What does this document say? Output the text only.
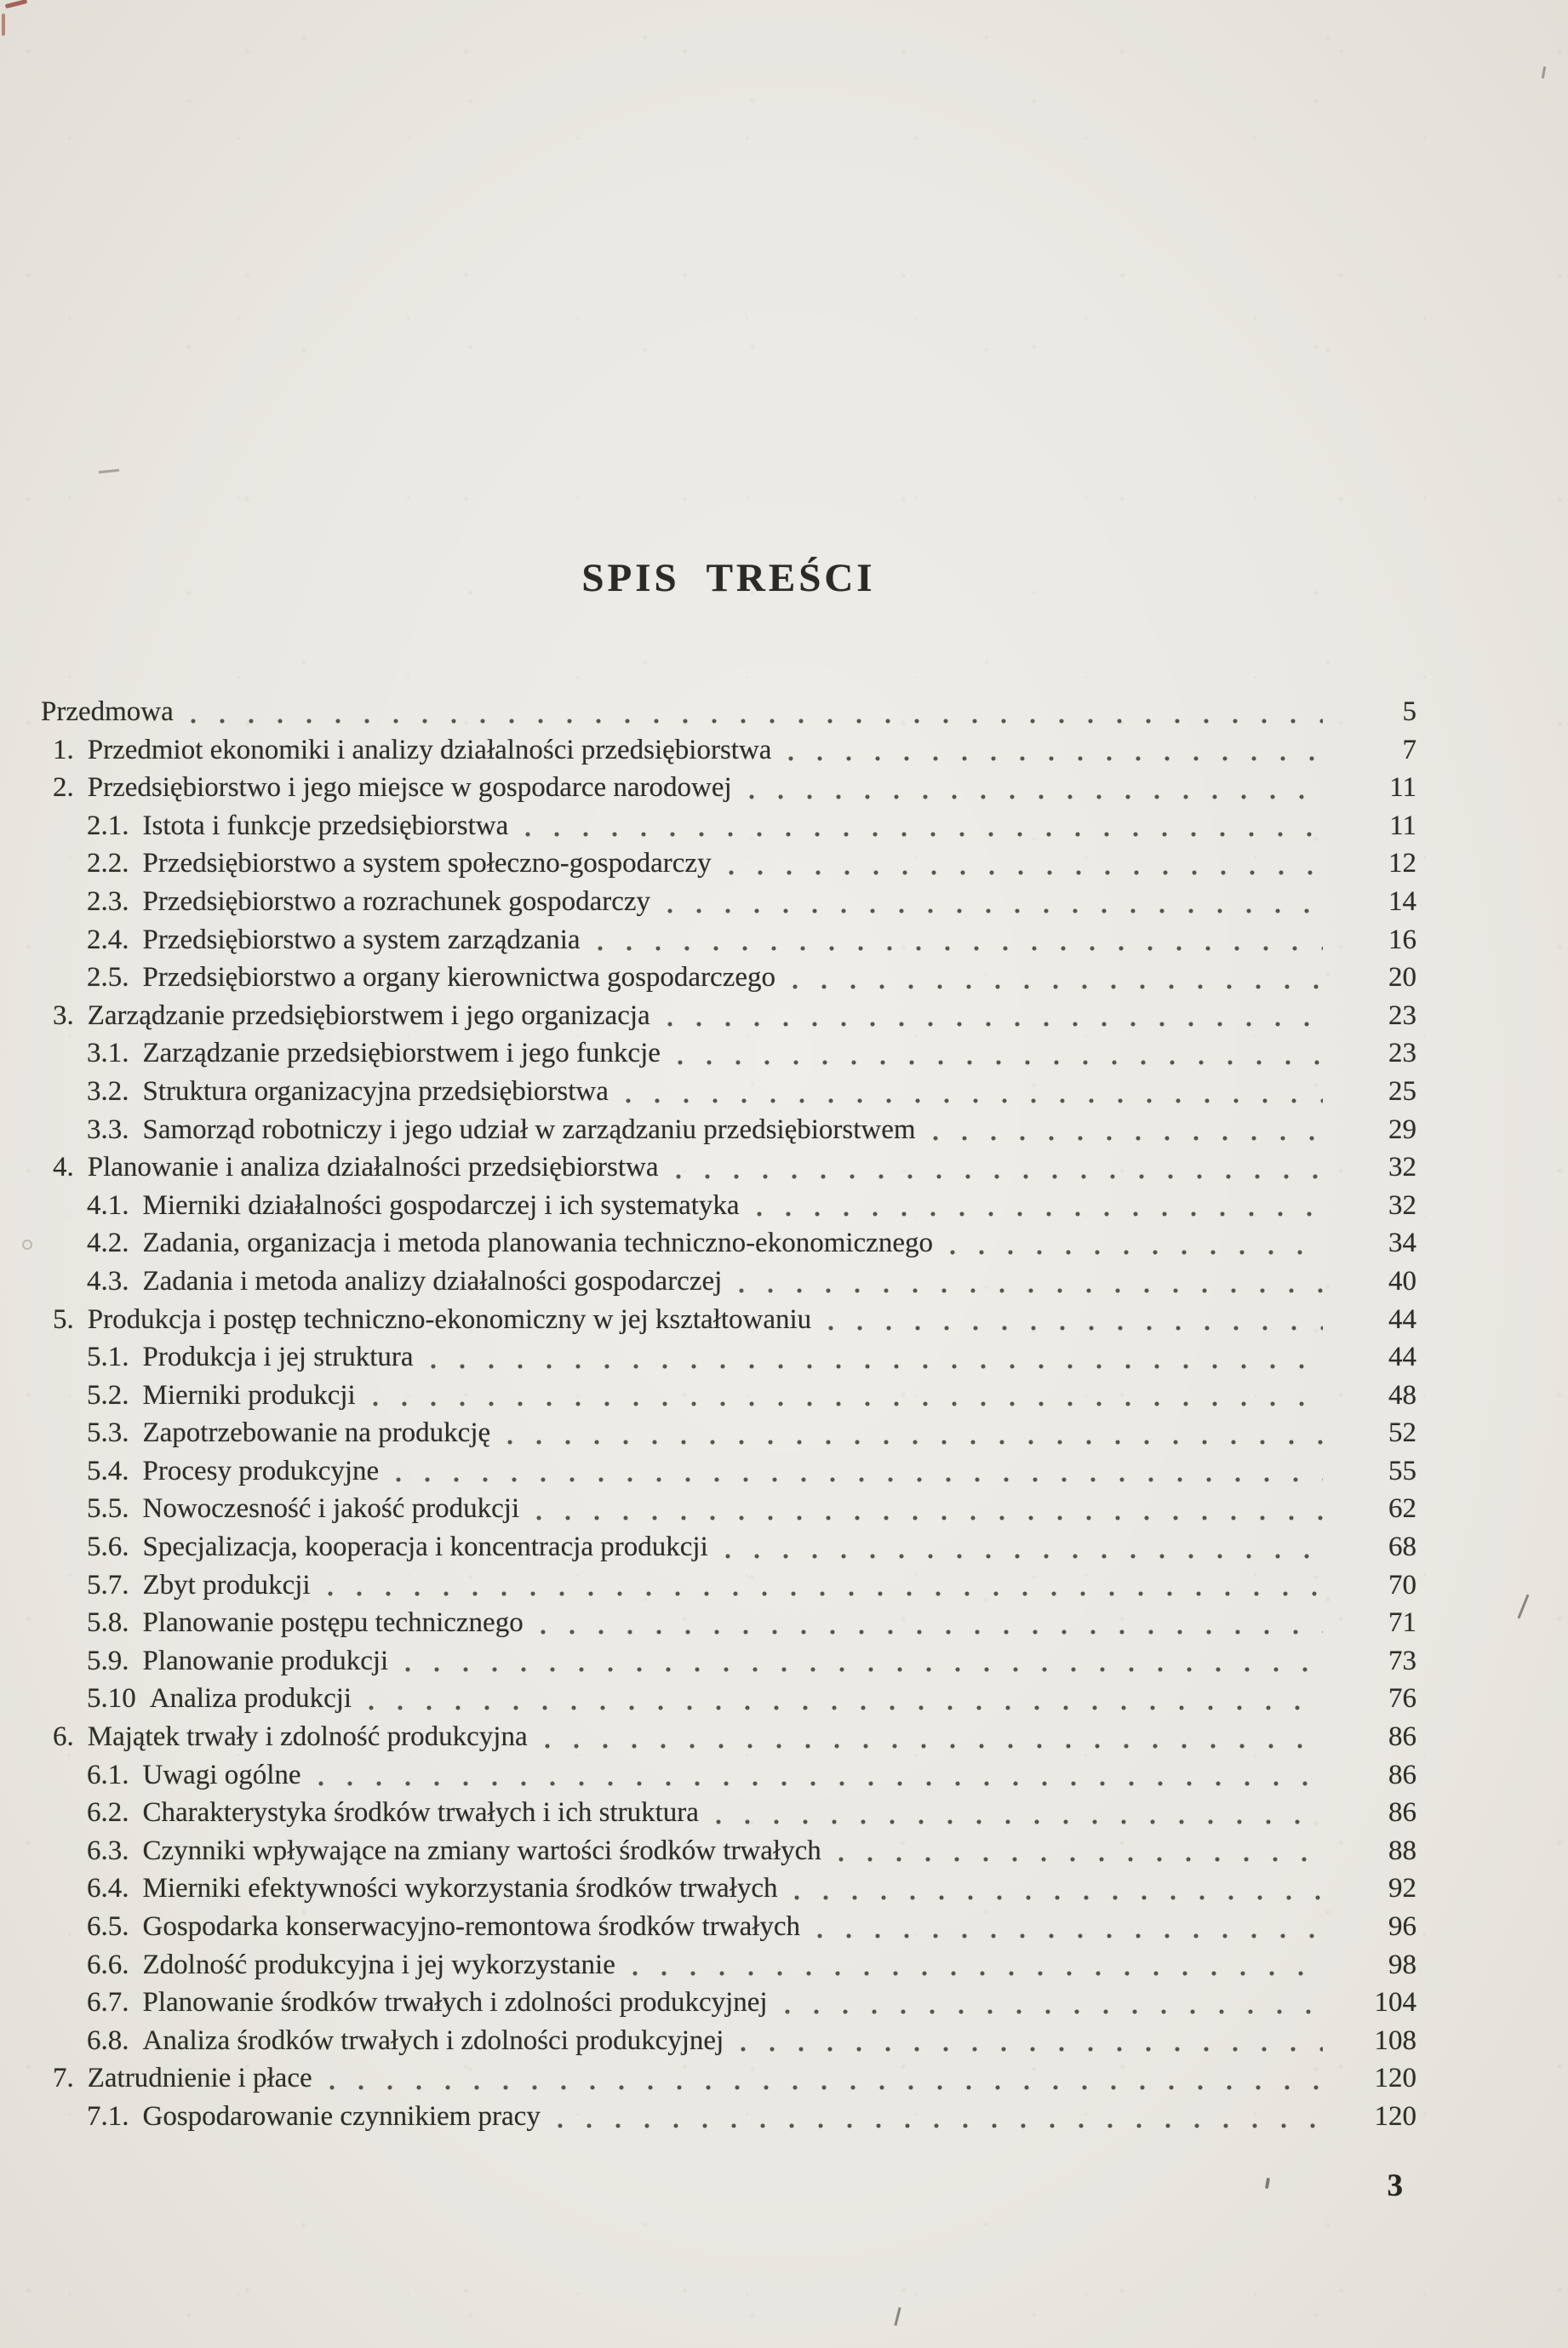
SPIS TREŚCI
Przedmowa	5
1. Przedmiot ekonomiki i analizy działalności przedsiębiorstwa	7
2. Przedsiębiorstwo i jego miejsce w gospodarce narodowej	11
2.1. Istota i funkcje przedsiębiorstwa	11
2.2. Przedsiębiorstwo a system społeczno-gospodarczy	12
2.3. Przedsiębiorstwo a rozrachunek gospodarczy	14
2.4. Przedsiębiorstwo a system zarządzania	16
2.5. Przedsiębiorstwo a organy kierownictwa gospodarczego	20
3. Zarządzanie przedsiębiorstwem i jego organizacja	23
3.1. Zarządzanie przedsiębiorstwem i jego funkcje	23
3.2. Struktura organizacyjna przedsiębiorstwa	25
3.3. Samorząd robotniczy i jego udział w zarządzaniu przedsiębiorstwem	29
4. Planowanie i analiza działalności przedsiębiorstwa	32
4.1. Mierniki działalności gospodarczej i ich systematyka	32
4.2. Zadania, organizacja i metoda planowania techniczno-ekonomicznego	34
4.3. Zadania i metoda analizy działalności gospodarczej	40
5. Produkcja i postęp techniczno-ekonomiczny w jej kształtowaniu	44
5.1. Produkcja i jej struktura	44
5.2. Mierniki produkcji	48
5.3. Zapotrzebowanie na produkcję	52
5.4. Procesy produkcyjne	55
5.5. Nowoczesność i jakość produkcji	62
5.6. Specjalizacja, kooperacja i koncentracja produkcji	68
5.7. Zbyt produkcji	70
5.8. Planowanie postępu technicznego	71
5.9. Planowanie produkcji	73
5.10 Analiza produkcji	76
6. Majątek trwały i zdolność produkcyjna	86
6.1. Uwagi ogólne	86
6.2. Charakterystyka środków trwałych i ich struktura	86
6.3. Czynniki wpływające na zmiany wartości środków trwałych	88
6.4. Mierniki efektywności wykorzystania środków trwałych	92
6.5. Gospodarka konserwacyjno-remontowa środków trwałych	96
6.6. Zdolność produkcyjna i jej wykorzystanie	98
6.7. Planowanie środków trwałych i zdolności produkcyjnej	104
6.8. Analiza środków trwałych i zdolności produkcyjnej	108
7. Zatrudnienie i płace	120
7.1. Gospodarowanie czynnikiem pracy	120
3
